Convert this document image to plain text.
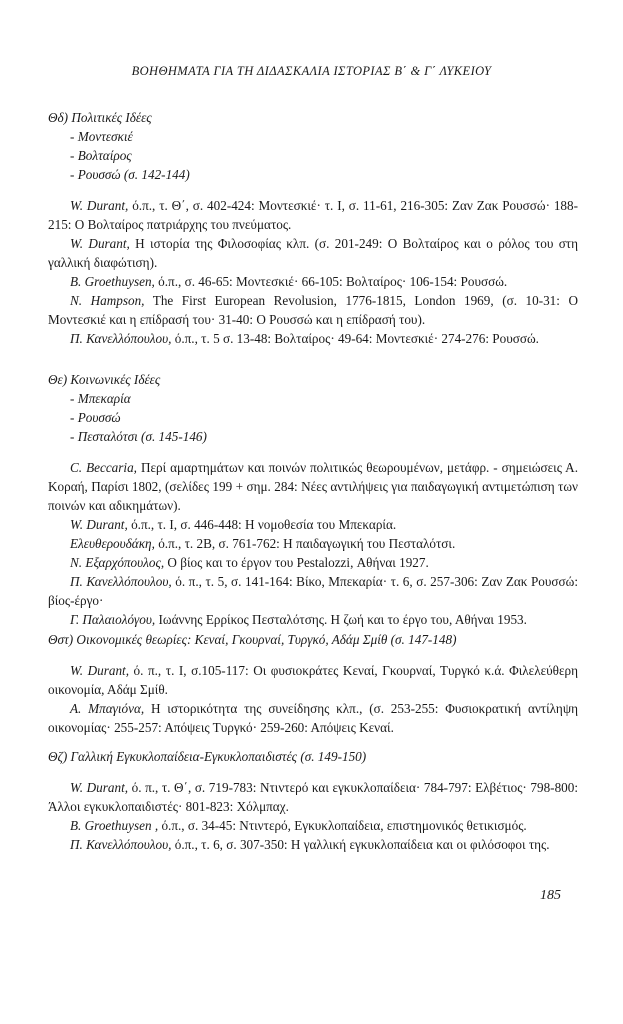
ΒΟΗΘΗΜΑΤΑ ΓΙΑ ΤΗ ΔΙΔΑΣΚΑΛΙΑ ΙΣΤΟΡΙΑΣ Β΄ & Γ΄ ΛΥΚΕΙΟΥ
Θδ) Πολιτικές Ιδέες
- Μοντεσκιέ
- Βολταίρος
- Ρουσσώ (σ. 142-144)
W. Durant, ό.π., τ. Θ΄, σ. 402-424: Μοντεσκιέ· τ. Ι, σ. 11-61, 216-305: Ζαν Ζακ Ρουσσώ· 188-215: Ο Βολταίρος πατριάρχης του πνεύματος.
W. Durant, Η ιστορία της Φιλοσοφίας κλπ. (σ. 201-249: Ο Βολταίρος και ο ρόλος του στη γαλλική διαφώτιση).
B. Groethuysen, ό.π., σ. 46-65: Μοντεσκιέ· 66-105: Βολταίρος· 106-154: Ρουσσώ.
N. Hampson, The First European Revolusion, 1776-1815, London 1969, (σ. 10-31: Ο Μοντεσκιέ και η επίδρασή του· 31-40: Ο Ρουσσώ και η επίδρασή του).
Π. Κανελλόπουλου, ό.π., τ. 5 σ. 13-48: Βολταίρος· 49-64: Μοντεσκιέ· 274-276: Ρουσσώ.
Θε) Κοινωνικές Ιδέες
- Μπεκαρία
- Ρουσσώ
- Πεσταλότσι (σ. 145-146)
C. Beccaria, Περί αμαρτημάτων και ποινών πολιτικώς θεωρουμένων, μετάφρ. - σημειώσεις Α. Κοραή, Παρίσι 1802, (σελίδες 199 + σημ. 284: Νέες αντιλήψεις για παιδαγωγική αντιμετώπιση των ποινών και αδικημάτων).
W. Durant, ό.π., τ. Ι, σ. 446-448: Η νομοθεσία του Μπεκαρία.
Ελευθερουδάκη, ό.π., τ. 2Β, σ. 761-762: Η παιδαγωγική του Πεσταλότσι.
Ν. Εξαρχόπουλος, Ο βίος και το έργον του Pestalozzi, Αθήναι 1927.
Π. Κανελλόπουλου, ό. π., τ. 5, σ. 141-164: Βίκο, Μπεκαρία· τ. 6, σ. 257-306: Ζαν Ζακ Ρουσσώ: βίος-έργο·
Γ. Παλαιολόγου, Ιωάννης Ερρίκος Πεσταλότσης. Η ζωή και το έργο του, Αθήναι 1953.
Θστ) Οικονομικές θεωρίες: Κεναί, Γκουρναί, Τυργκό, Αδάμ Σμίθ (σ. 147-148)
W. Durant, ό. π., τ. Ι, σ.105-117: Οι φυσιοκράτες Κεναί, Γκουρναί, Τυργκό κ.ά. Φιλελεύθερη οικονομία, Αδάμ Σμίθ.
Α. Μπαγιόνα, Η ιστορικότητα της συνείδησης κλπ., (σ. 253-255: Φυσιοκρατική αντίληψη οικονομίας· 255-257: Απόψεις Τυργκό· 259-260: Απόψεις Κεναί.
Θζ) Γαλλική Εγκυκλοπαίδεια-Εγκυκλοπαιδιστές (σ. 149-150)
W. Durant, ό. π., τ. Θ΄, σ. 719-783: Ντιντερό και εγκυκλοπαίδεια· 784-797: Ελβέτιος· 798-800: Άλλοι εγκυκλοπαιδιστές· 801-823: Χόλμπαχ.
B. Groethuysen , ό.π., σ. 34-45: Ντιντερό, Εγκυκλοπαίδεια, επιστημονικός θετικισμός.
Π. Κανελλόπουλου, ό.π., τ. 6, σ. 307-350: Η γαλλική εγκυκλοπαίδεια και οι φιλόσοφοι της.
185
